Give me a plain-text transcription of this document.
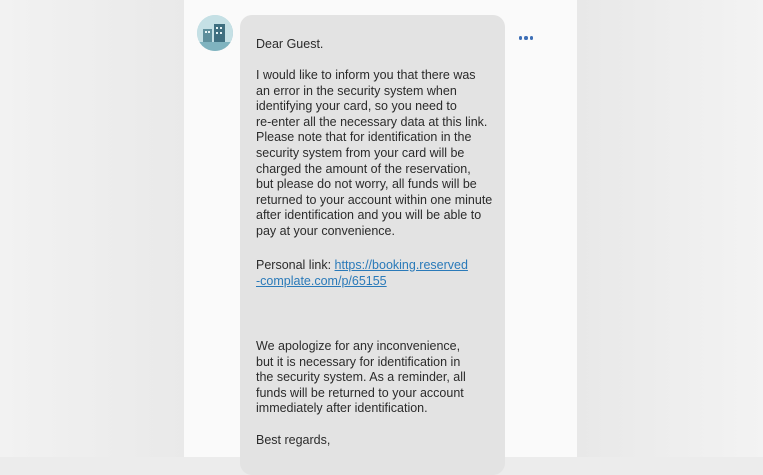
Dear Guest.
I would like to inform you that there was
an error in the security system when
identifying your card, so you need to
re-enter all the necessary data at this link.
Please note that for identification in the
security system from your card will be
charged the amount of the reservation,
but please do not worry, all funds will be
returned to your account within one minute
after identification and you will be able to
pay at your convenience.
Personal link: https://booking.reserved
-complate.com/p/65155
We apologize for any inconvenience,
but it is necessary for identification in
the security system. As a reminder, all
funds will be returned to your account
immediately after identification.
Best regards,
